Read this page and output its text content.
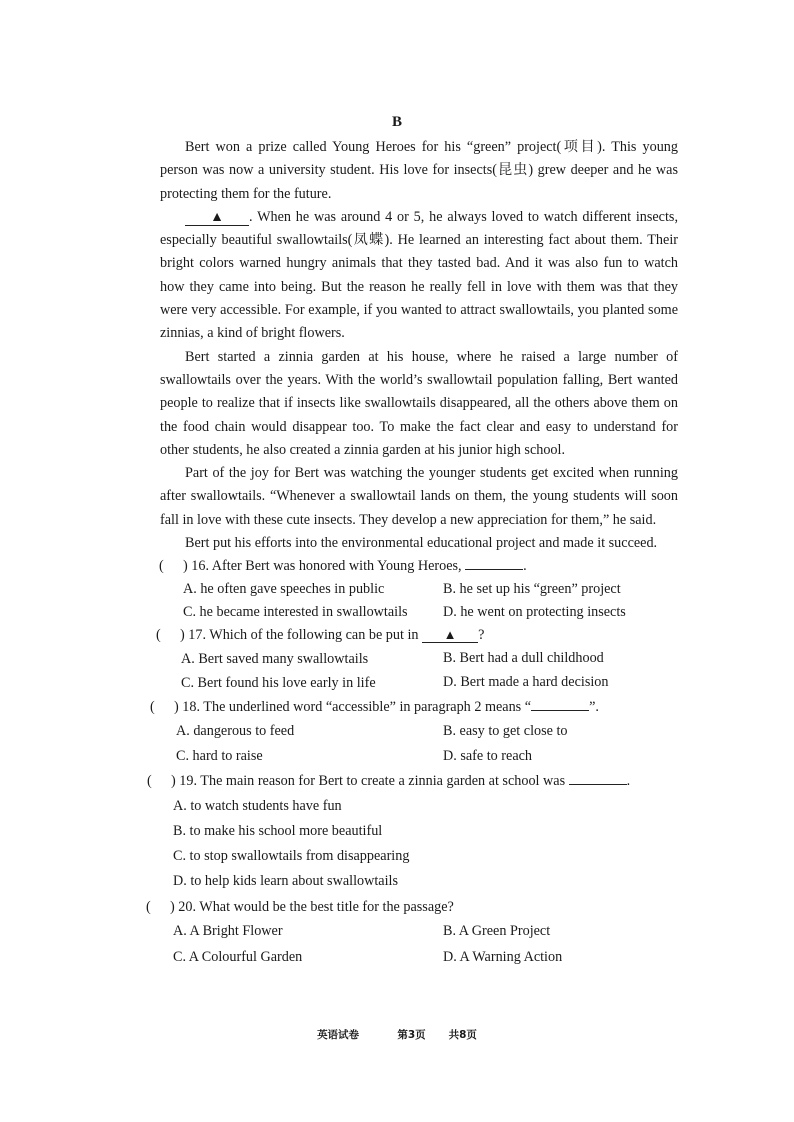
B

Bert won a prize called Young Heroes for his “green” project(项目). This young person was now a university student. His love for insects(昆虫) grew deeper and he was protecting them for the future.

▲ . When he was around 4 or 5, he always loved to watch different insects, especially beautiful swallowtails(凤蝶). He learned an interesting fact about them. Their bright colors warned hungry animals that they tasted bad. And it was also fun to watch how they came into being. But the reason he really fell in love with them was that they were very accessible. For example, if you wanted to attract swallowtails, you planted some zinnias, a kind of bright flowers.

Bert started a zinnia garden at his house, where he raised a large number of swallowtails over the years. With the world’s swallowtail population falling, Bert wanted people to realize that if insects like swallowtails disappeared, all the others above them on the food chain would disappear too. To make the fact clear and easy to understand for other students, he also created a zinnia garden at his junior high school.

Part of the joy for Bert was watching the younger students get excited when running after swallowtails. “Whenever a swallowtail lands on them, the young students will soon fall in love with these cute insects. They develop a new appreciation for them,” he said.

Bert put his efforts into the environmental educational project and made it succeed.

( ) 16. After Bert was honored with Young Heroes,	.
A. he often gave speeches in public	B. he set up his “green” project
C. he became interested in swallowtails D. he went on protecting insects
( ) 17. Which of the following can be put in ▲ ?
A. Bert saved many swallowtails	B. Bert had a dull childhood
C. Bert found his love early in life	D. Bert made a hard decision
( ) 18. The underlined word “accessible” in paragraph 2 means “	”.
A. dangerous to feed	B. easy to get close to
C. hard to raise	D. safe to reach
( ) 19. The main reason for Bert to create a zinnia garden at school was	.
A. to watch students have fun
B. to make his school more beautiful
C. to stop swallowtails from disappearing
D. to help kids learn about swallowtails
( ) 20. What would be the best title for the passage?
A. A Bright Flower	B. A Green Project
C. A Colourful Garden	D. A Warning Action
英语试卷	第3页 共8页
